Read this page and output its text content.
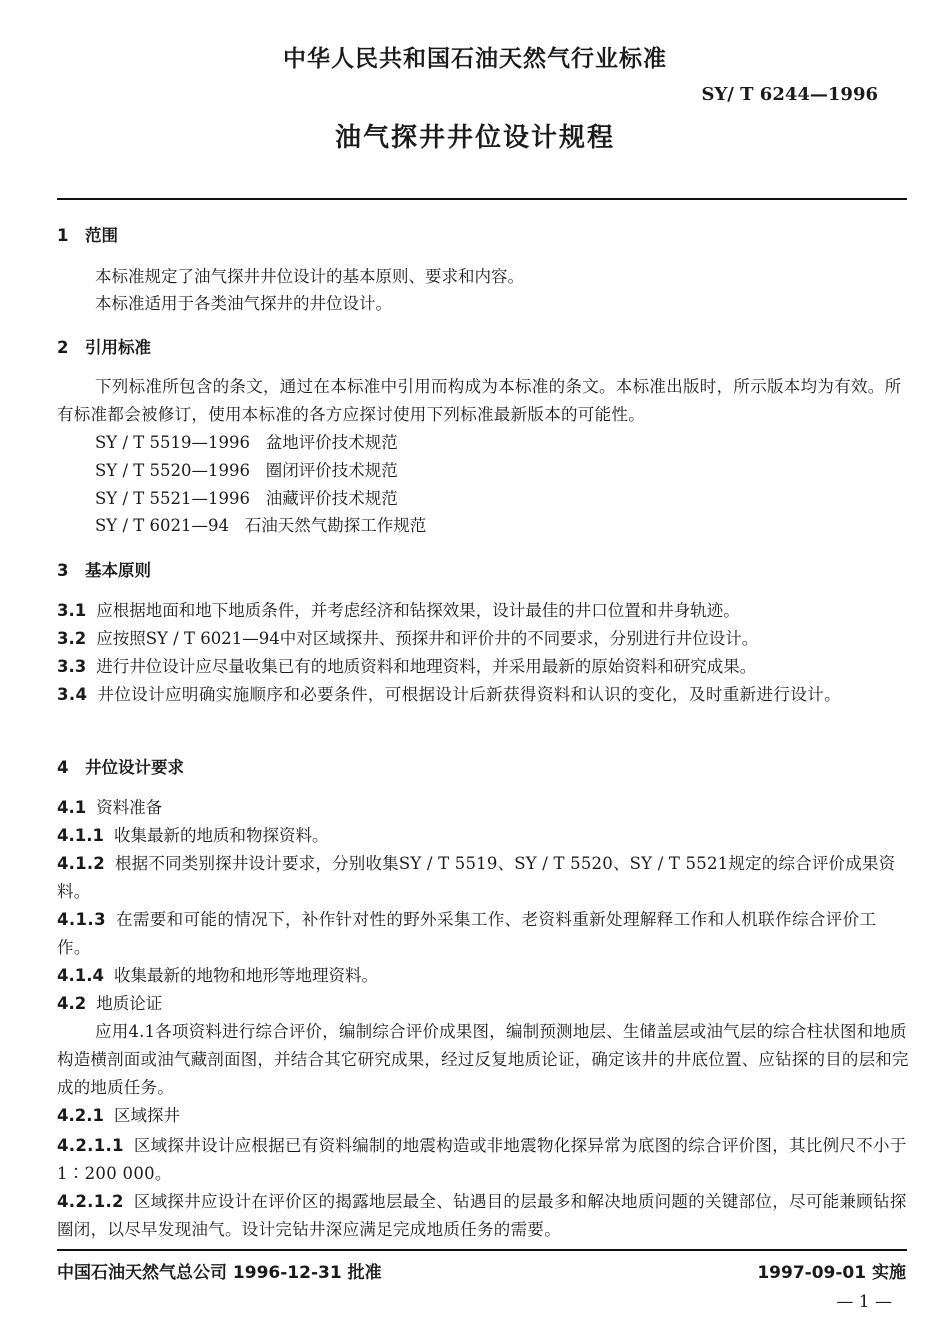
中华人民共和国石油天然气行业标准
SY/ T 6244—1996
油气探井井位设计规程
1 范围
本标准规定了油气探井井位设计的基本原则、要求和内容。
本标准适用于各类油气探井的井位设计。
2 引用标准
下列标准所包含的条文，通过在本标准中引用而构成为本标准的条文。本标准出版时，所示版本均为有效。所有标准都会被修订，使用本标准的各方应探讨使用下列标准最新版本的可能性。
SY / T 5519—1996 盆地评价技术规范
SY / T 5520—1996 圈闭评价技术规范
SY / T 5521—1996 油藏评价技术规范
SY / T 6021—94 石油天然气勘探工作规范
3 基本原则
3.1 应根据地面和地下地质条件，并考虑经济和钻探效果，设计最佳的井口位置和井身轨迹。
3.2 应按照SY / T 6021—94中对区域探井、预探井和评价井的不同要求，分别进行井位设计。
3.3 进行井位设计应尽量收集已有的地质资料和地理资料，并采用最新的原始资料和研究成果。
3.4 井位设计应明确实施顺序和必要条件，可根据设计后新获得资料和认识的变化，及时重新进行设计。
4 井位设计要求
4.1 资料准备
4.1.1 收集最新的地质和物探资料。
4.1.2 根据不同类别探井设计要求，分别收集SY / T 5519、SY / T 5520、SY / T 5521规定的综合评价成果资料。
4.1.3 在需要和可能的情况下，补作针对性的野外采集工作、老资料重新处理解释工作和人机联作综合评价工作。
4.1.4 收集最新的地物和地形等地理资料。
4.2 地质论证
应用4.1各项资料进行综合评价，编制综合评价成果图，编制预测地层、生储盖层或油气层的综合柱状图和地质构造横剖面或油气藏剖面图，并结合其它研究成果，经过反复地质论证，确定该井的井底位置、应钻探的目的层和完成的地质任务。
4.2.1 区域探井
4.2.1.1 区域探井设计应根据已有资料编制的地震构造或非地震物化探异常为底图的综合评价图，其比例尺不小于1∶200 000。
4.2.1.2 区域探井应设计在评价区的揭露地层最全、钻遇目的层最多和解决地质问题的关键部位，尽可能兼顾钻探圈闭，以尽早发现油气。设计完钻井深应满足完成地质任务的需要。
中国石油天然气总公司 1996-12-31 批准	1997-09-01 实施
— 1 —
